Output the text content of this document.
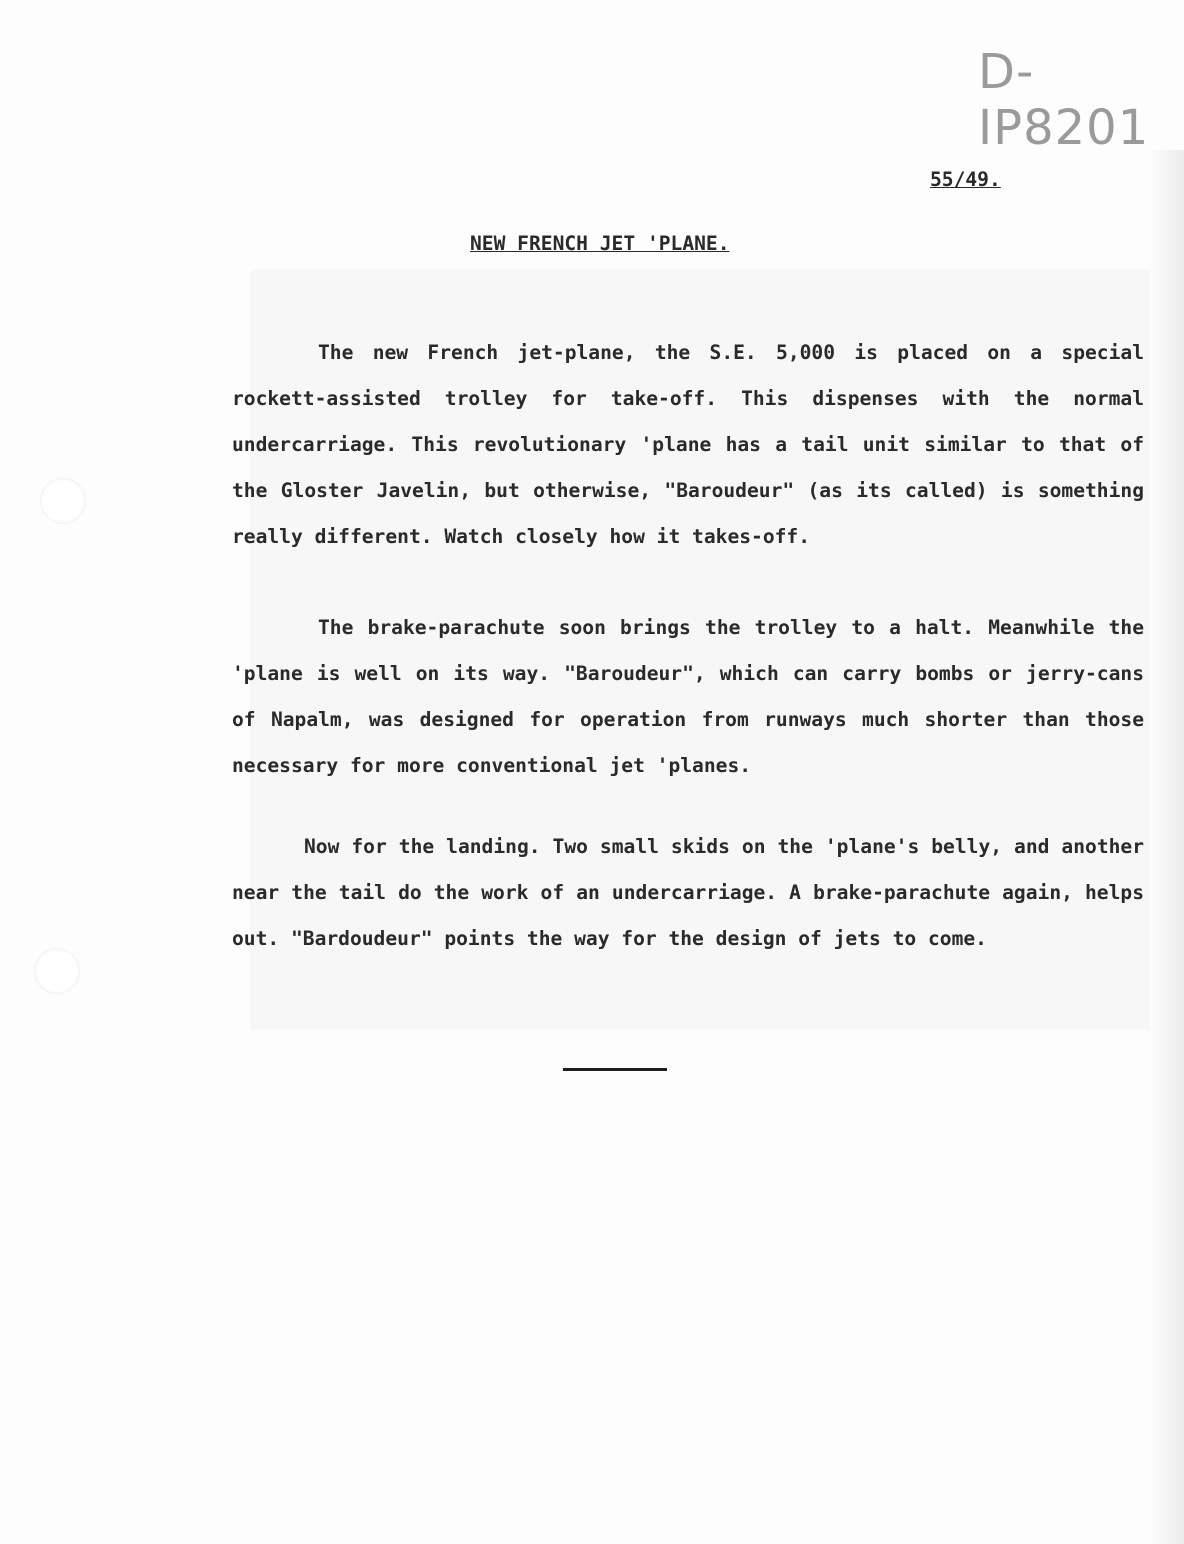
D-IP8201
55/49.
NEW FRENCH JET 'PLANE.

The new French jet-plane, the S.E. 5,000 is placed on a special rockett-assisted trolley for take-off. This dispenses with the normal undercarriage. This revolutionary 'plane has a tail unit similar to that of the Gloster Javelin, but otherwise, "Baroudeur" (as its called) is something really different. Watch closely how it takes-off.

The brake-parachute soon brings the trolley to a halt. Meanwhile the 'plane is well on its way. "Baroudeur", which can carry bombs or jerry-cans of Napalm, was designed for operation from runways much shorter than those necessary for more conventional jet 'planes.

Now for the landing. Two small skids on the 'plane's belly, and another near the tail do the work of an undercarriage. A brake-parachute again, helps out. "Bardoudeur" points the way for the design of jets to come.
